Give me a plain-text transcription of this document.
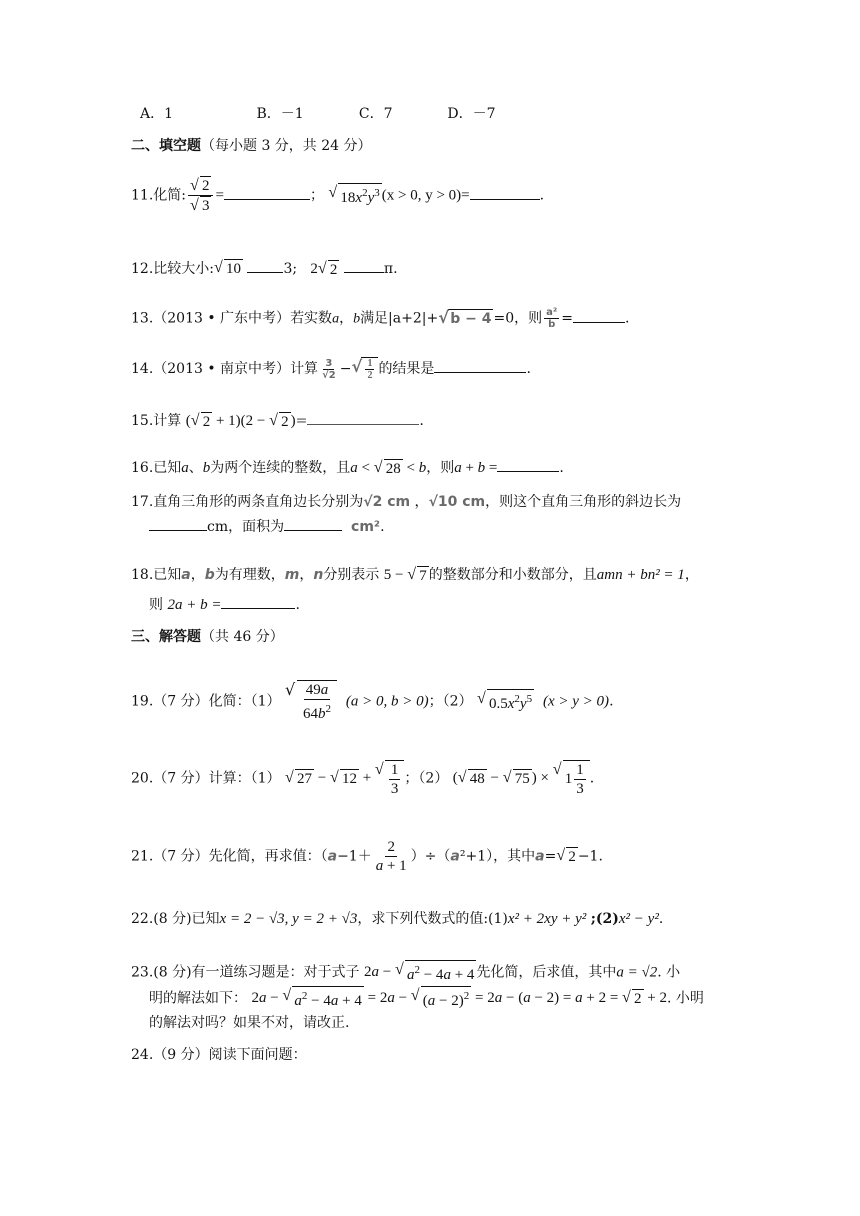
A．1	B．－1	C．7	D．－7
二、填空题（每小题 3 分，共 24 分）
11.化简: √ 2
√ 3 =	； √ $18x^2y^3$ (x > 0, y > 0)=	.
12.比较大小: √ 10	3; 2 √ 2	π.
13.（2013 • 广东中考）若实数a，b满足|a+2|+ √ b − 4 =0，则 $\frac{\text{a²}}{b}$ =	.
14.（2013 • 南京中考）计算 $\frac{3}{√2}$ − √ $\frac{1}{2}$ 的结果是	.
15.计算 ( √ 2 + 1)(2 − √ 2 )=	.
16.已知a、b为两个连续的整数，且a < √ 28 < b，则a + b =	.
17.直角三角形的两条直角边长分别为√2 cm ，√10 cm，则这个直角三角形的斜边长为
cm，面积为	cm².
18.已知a，b为有理数，m，n分别表示 5 − √ 7 的整数部分和小数部分，且amn + bn² = 1，
则 2a + b =	.
三、解答题（共 46 分）
19.（7 分）化简：（1） √ $\frac{49a}{64b^2} (a > 0$, b > 0)；（2） √ $0.5x^2y^5$ (x > y > 0).
20.（7 分）计算：（1） √ 27 − √ 12 + √ $\frac{1}{3}$ ；（2） ( √ 48 − √ 75 ) × √ $1 \frac{1}{3}$ .
21.（7 分）先化简，再求值：$(a-1+ \frac{2}{a + 1} )\div(a^2+1)$，其中a= √ 2 −1.
22.(8 分)已知x = 2 − √3, y = 2 + √3，求下列代数式的值:(1)x² + 2xy + y² ;(2)x² − y².
23.(8 分)有一道练习题是：对于式子 2a − √ $a^2 - 4a + 4$ 先化简，后求值，其中a = √2. 小
明的解法如下： 2a − √ $a^2 - 4a + 4 = 2a$ − √ $(a - 2)^2 = 2a - (a - 2) = a + 2$ = √ 2 + 2. 小明
的解法对吗？如果不对，请改正.
24.（9 分）阅读下面问题：
